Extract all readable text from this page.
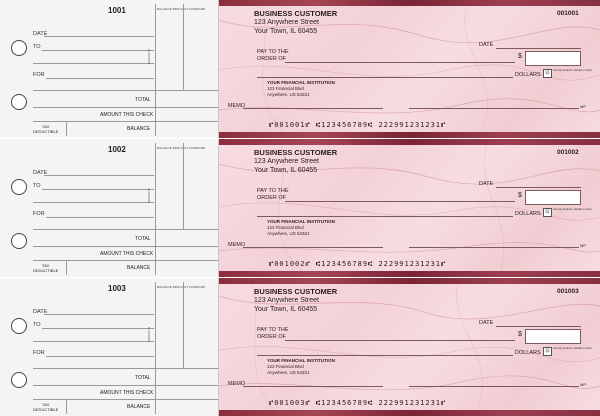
1001	BALANCE BROUGHT FORWARD
DATE
TO
FOR
DEPOSITS
TOTAL
AMOUNT THIS CHECK
BALANCE
TAX
DEDUCTIBLE
BUSINESS CUSTOMER
123 Anywhere Street
Your Town, IL 60455
001001
DATE
PAY TO THE
ORDER OF	$
DOLLARS ⊡	Security features. Details on back.
YOUR FINANCIAL INSTITUTION
123 Financial Blvd
Anywhere, US 54321
MEMO	MP
⑈001001⑈ ⑆123456789⑆ 222991231231⑈
1002	BALANCE BROUGHT FORWARD
DATE
TO
FOR
DEPOSITS
TOTAL
AMOUNT THIS CHECK
BALANCE
TAX
DEDUCTIBLE
BUSINESS CUSTOMER
123 Anywhere Street
Your Town, IL 60455
001002
DATE
PAY TO THE
ORDER OF	$
DOLLARS ⊡	Security features. Details on back.
YOUR FINANCIAL INSTITUTION
123 Financial Blvd
Anywhere, US 54321
MEMO	MP
⑈001002⑈ ⑆123456789⑆ 222991231231⑈
1003	BALANCE BROUGHT FORWARD
DATE
TO
FOR
DEPOSITS
TOTAL
AMOUNT THIS CHECK
BALANCE
TAX
DEDUCTIBLE
BUSINESS CUSTOMER
123 Anywhere Street
Your Town, IL 60455
001003
DATE
PAY TO THE
ORDER OF	$
DOLLARS ⊡	Security features. Details on back.
YOUR FINANCIAL INSTITUTION
123 Financial Blvd
Anywhere, US 54321
MEMO	MP
⑈001003⑈ ⑆123456789⑆ 222991231231⑈
